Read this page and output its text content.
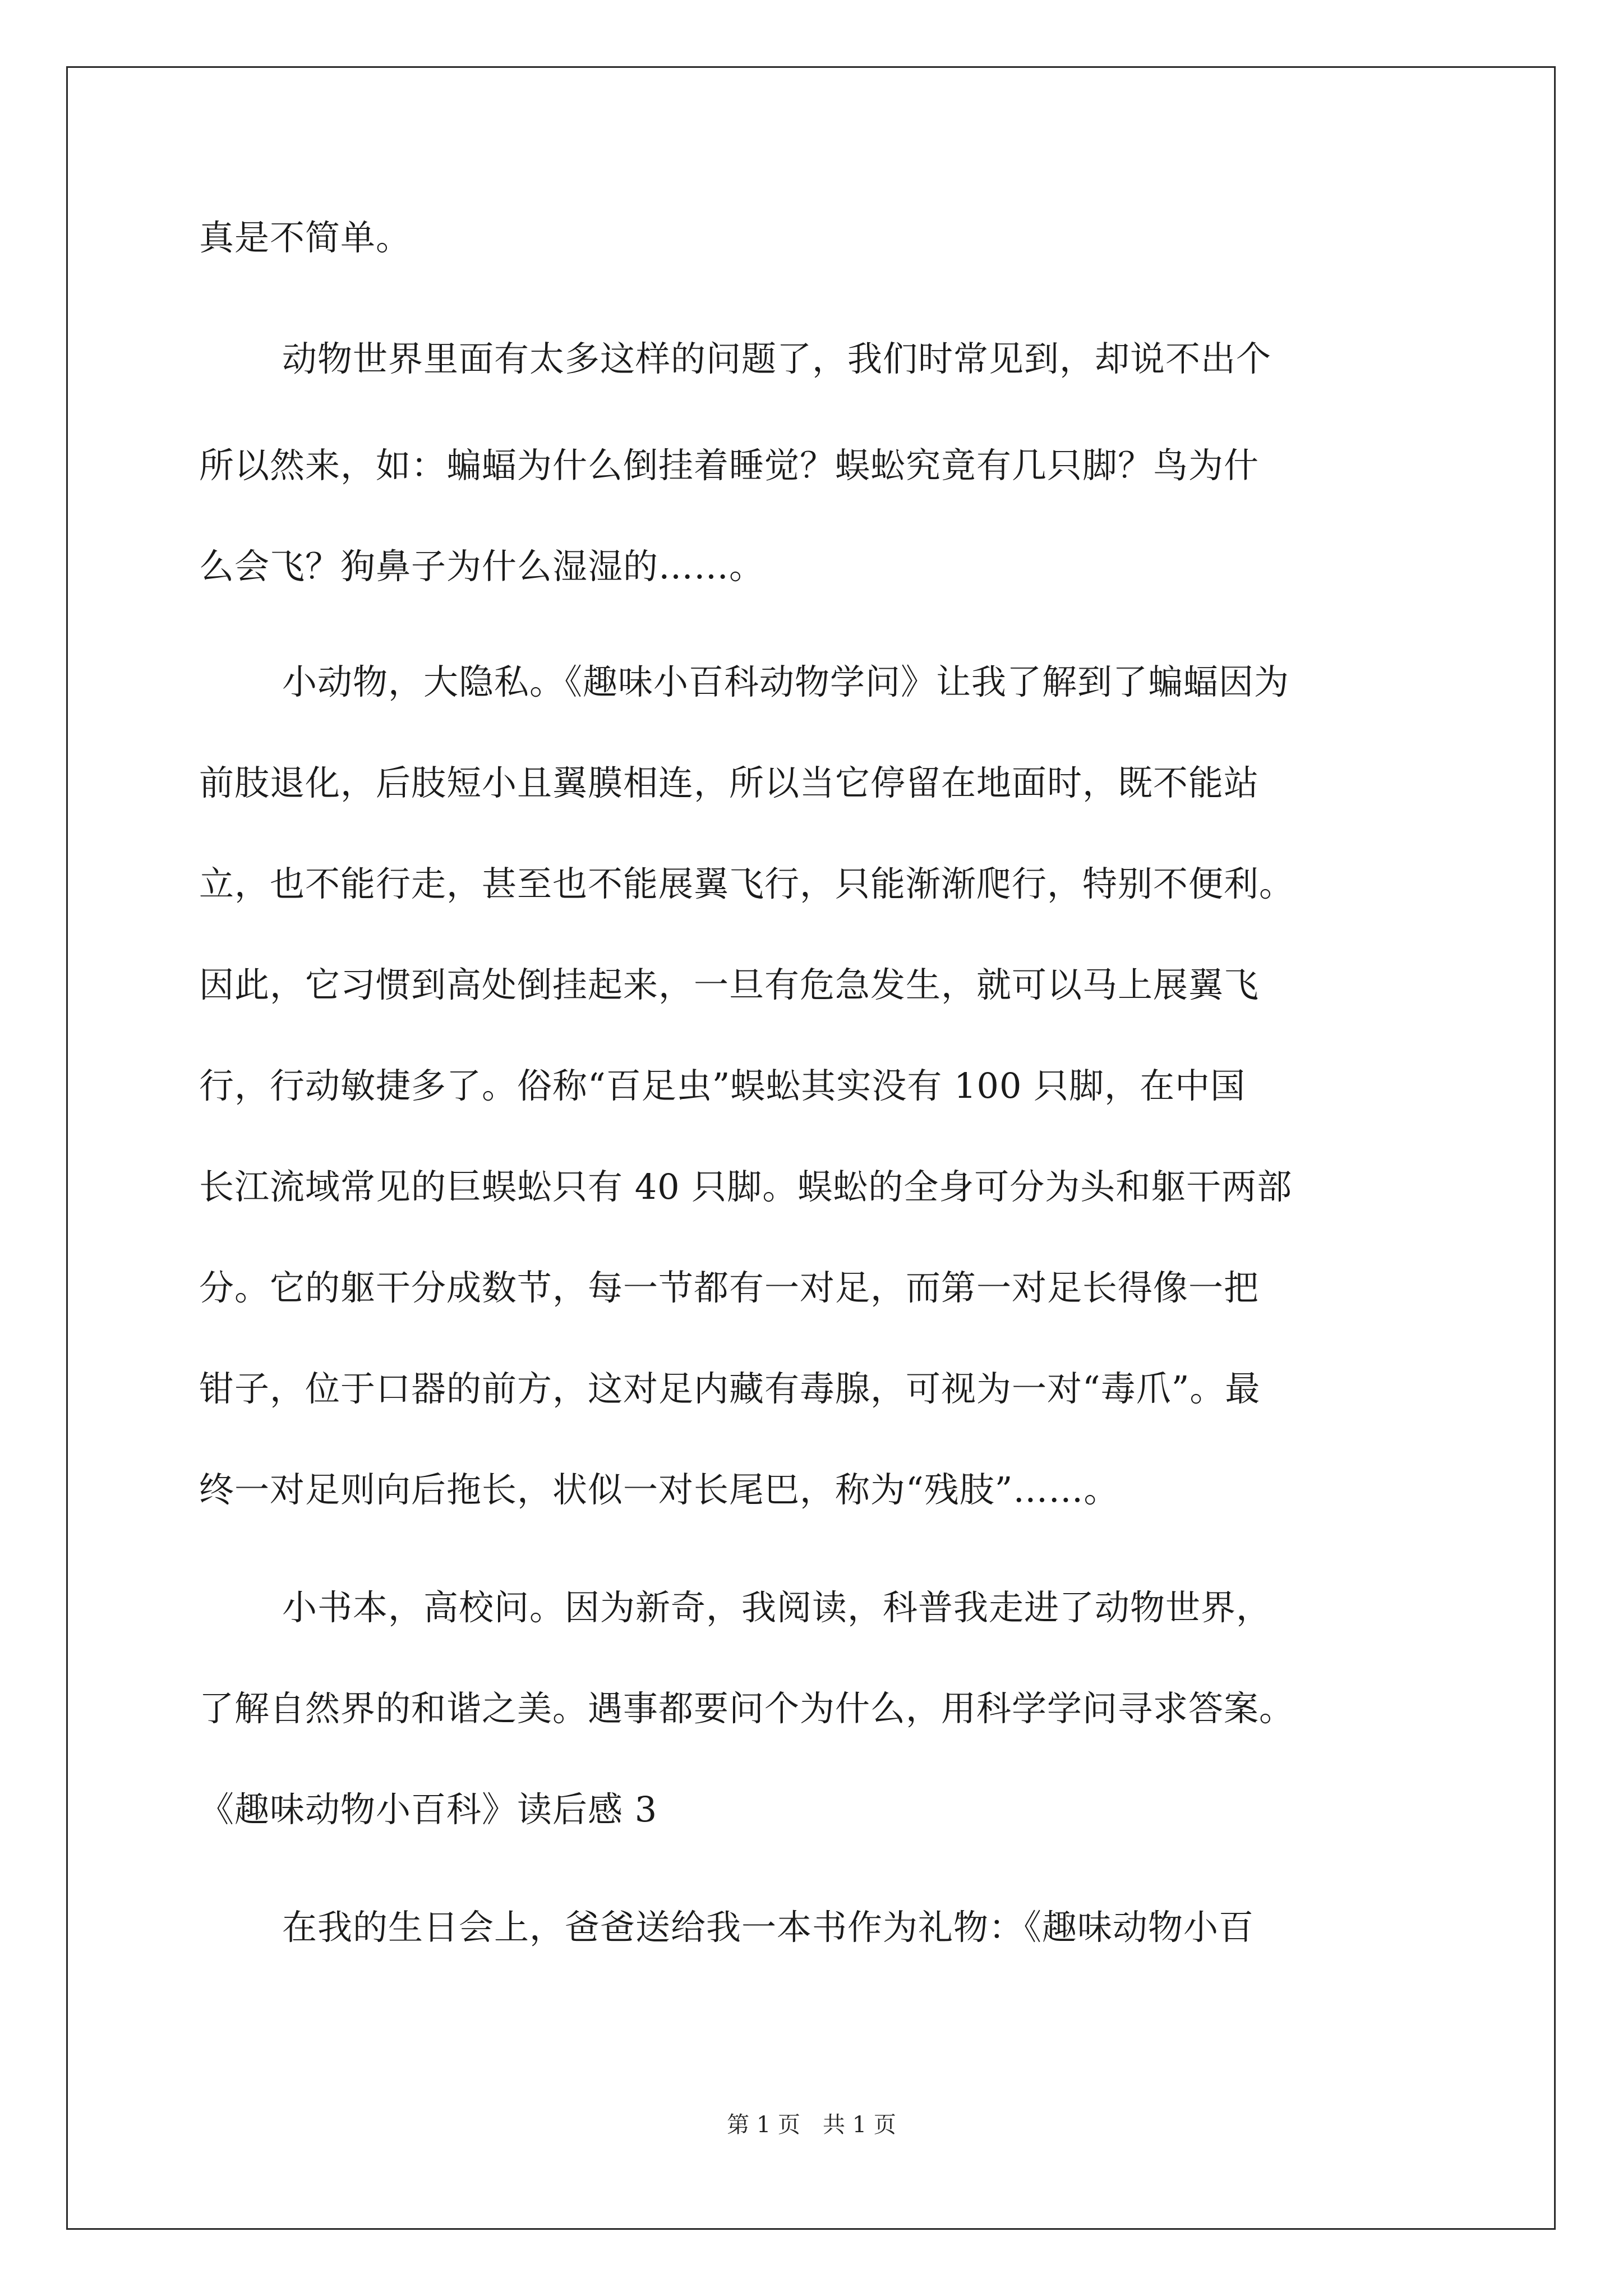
真是不简单。
动物世界里面有太多这样的问题了，我们时常见到，却说不出个
所以然来，如：蝙蝠为什么倒挂着睡觉？蜈蚣究竟有几只脚？鸟为什
么会飞？狗鼻子为什么湿湿的……。
小动物，大隐私。《趣味小百科动物学问》让我了解到了蝙蝠因为
前肢退化，后肢短小且翼膜相连，所以当它停留在地面时，既不能站
立，也不能行走，甚至也不能展翼飞行，只能渐渐爬行，特别不便利。
因此，它习惯到高处倒挂起来，一旦有危急发生，就可以马上展翼飞
行，行动敏捷多了。俗称“百足虫”蜈蚣其实没有 100 只脚，在中国
长江流域常见的巨蜈蚣只有 40 只脚。蜈蚣的全身可分为头和躯干两部
分。它的躯干分成数节，每一节都有一对足，而第一对足长得像一把
钳子，位于口器的前方，这对足内藏有毒腺，可视为一对“毒爪”。最
终一对足则向后拖长，状似一对长尾巴，称为“残肢”……。
小书本，高校问。因为新奇，我阅读，科普我走进了动物世界，
了解自然界的和谐之美。遇事都要问个为什么，用科学学问寻求答案。
《趣味动物小百科》读后感 3
在我的生日会上，爸爸送给我一本书作为礼物：《趣味动物小百
第 1 页　共 1 页
